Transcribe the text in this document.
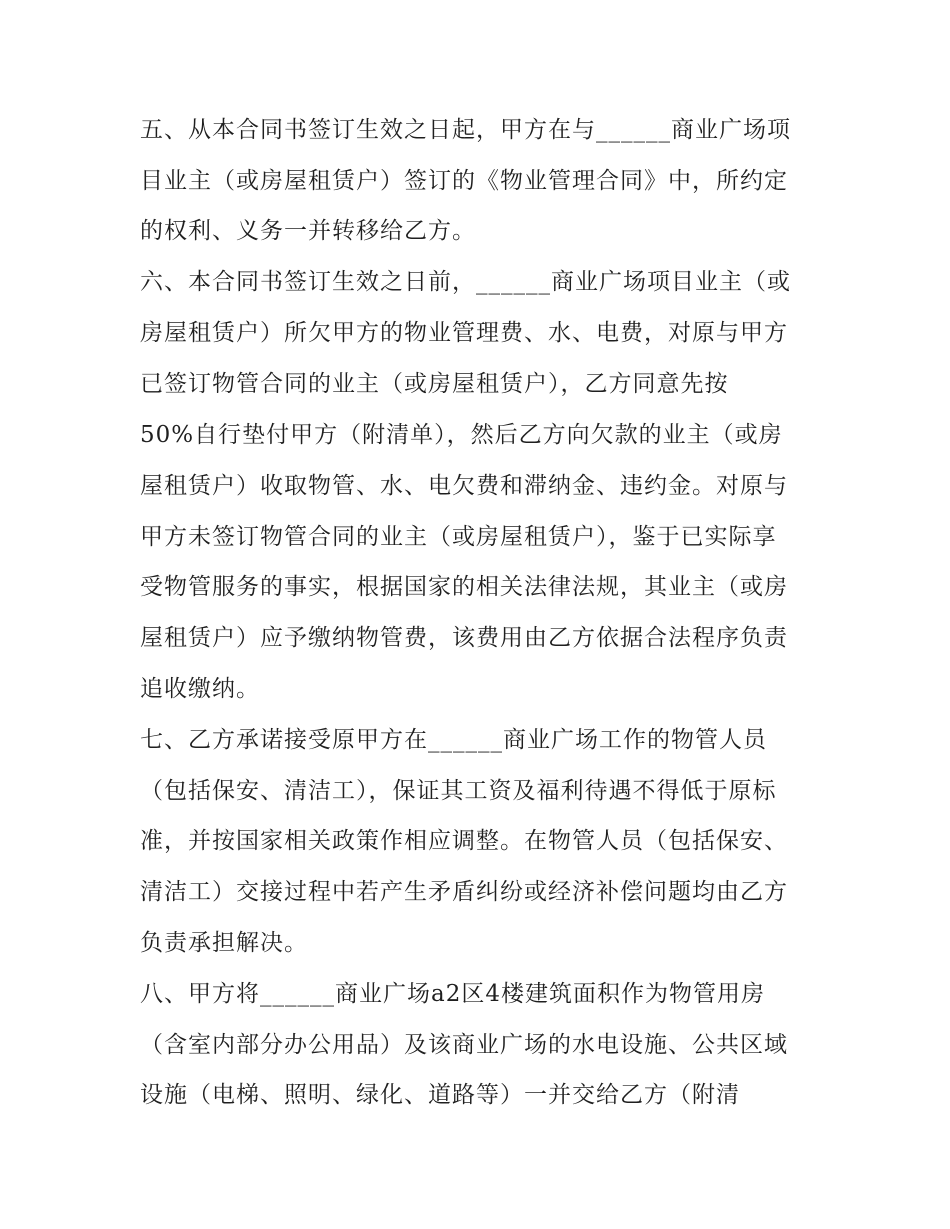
五、从本合同书签订生效之日起，甲方在与______商业广场项
目业主（或房屋租赁户）签订的《物业管理合同》中，所约定
的权利、义务一并转移给乙方。
六、本合同书签订生效之日前，______商业广场项目业主（或
房屋租赁户）所欠甲方的物业管理费、水、电费，对原与甲方
已签订物管合同的业主（或房屋租赁户），乙方同意先按
50%自行垫付甲方（附清单），然后乙方向欠款的业主（或房
屋租赁户）收取物管、水、电欠费和滞纳金、违约金。对原与
甲方未签订物管合同的业主（或房屋租赁户），鉴于已实际享
受物管服务的事实，根据国家的相关法律法规，其业主（或房
屋租赁户）应予缴纳物管费，该费用由乙方依据合法程序负责
追收缴纳。
七、乙方承诺接受原甲方在______商业广场工作的物管人员
（包括保安、清洁工），保证其工资及福利待遇不得低于原标
准，并按国家相关政策作相应调整。在物管人员（包括保安、
清洁工）交接过程中若产生矛盾纠纷或经济补偿问题均由乙方
负责承担解决。
八、甲方将______商业广场a2区4楼建筑面积作为物管用房
（含室内部分办公用品）及该商业广场的水电设施、公共区域
设施（电梯、照明、绿化、道路等）一并交给乙方（附清
